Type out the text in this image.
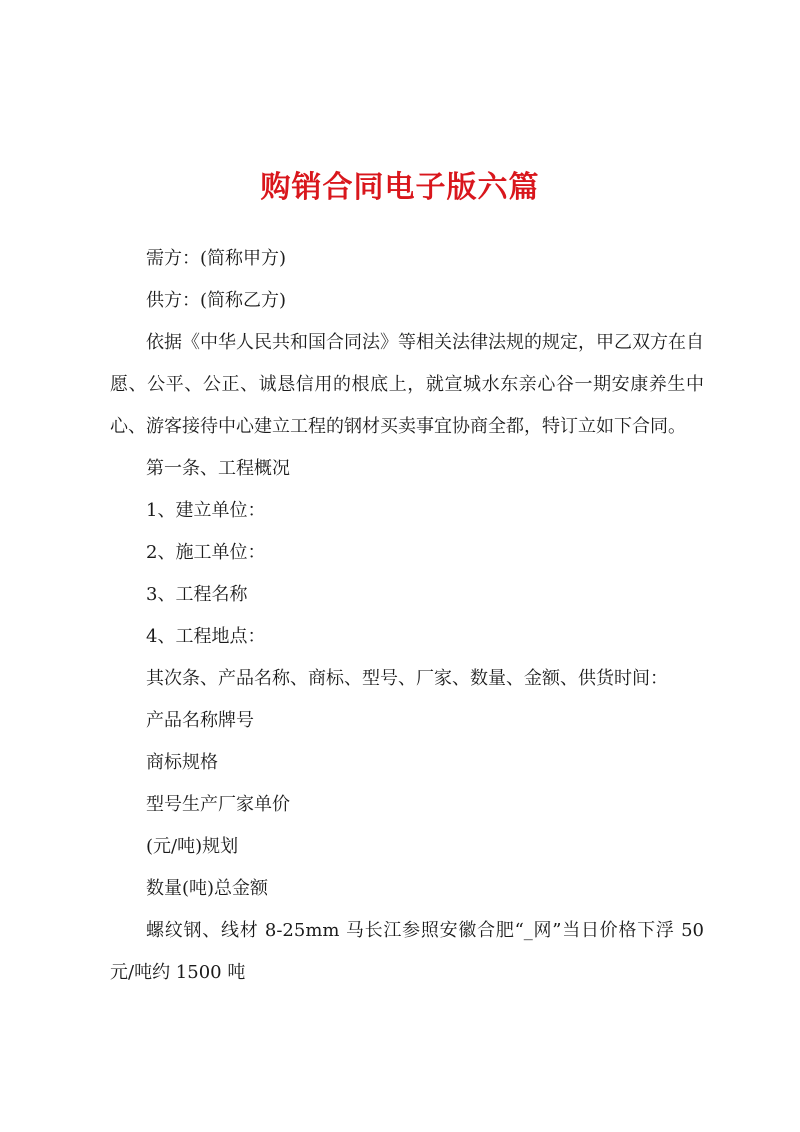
购销合同电子版六篇

需方：(简称甲方)

供方：(简称乙方)

依据《中华人民共和国合同法》等相关法律法规的规定，甲乙双方在自愿、公平、公正、诚恳信用的根底上，就宣城水东亲心谷一期安康养生中心、游客接待中心建立工程的钢材买卖事宜协商全都，特订立如下合同。

第一条、工程概况

1、建立单位：

2、施工单位：

3、工程名称

4、工程地点：

其次条、产品名称、商标、型号、厂家、数量、金额、供货时间：

产品名称牌号

商标规格

型号生产厂家单价

(元/吨)规划

数量(吨)总金额

螺纹钢、线材 8-25mm 马长江参照安徽合肥“_网”当日价格下浮 50 元/吨约 1500 吨
